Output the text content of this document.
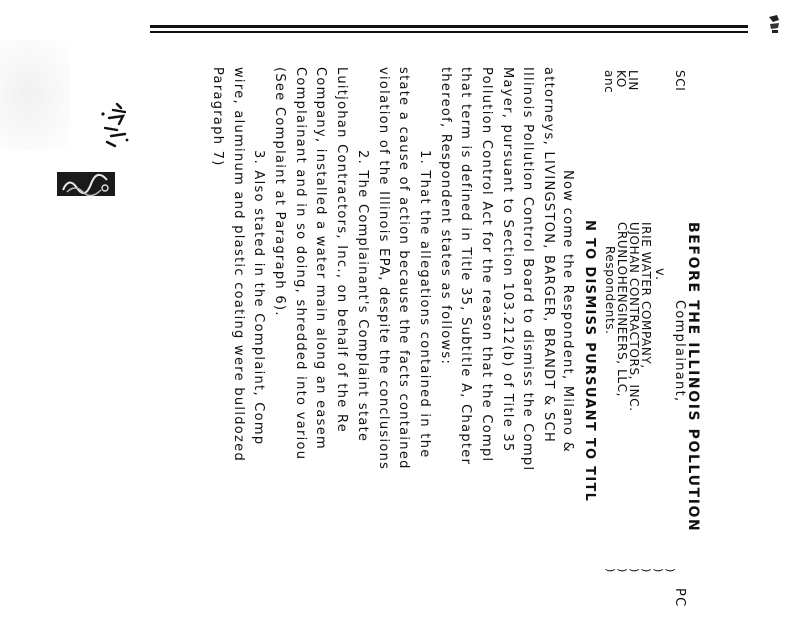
BEFORE THE ILLINOIS POLLUTION
SCI
LIN
KO
anc
Complainant,
v.
IRIE WATER COMPANY,
UJOHAN CONTRACTORS, INC.
CRUNLOHENGINEERS, LLC,
Respondents.
PC
)
)
)
)
)
)
N TO DISMISS PURSUANT TO TITL
Now come the Respondent, Milano &
attorneys, LIVINGSTON, BARGER, BRANDT & SCH
Illinois Pollution Control Board to dismiss the Compl
Mayer, pursuant to Section 103.212(b) of Title 35
Pollution Control Act for the reason that the Compl
that term is defined in Title 35, Subtitle A, Chapter
thereof, Respondent states as follows:
1. That the allegations contained in the
state a cause of action because the facts contained
violation of the Illinois EPA, despite the conclusions
2. The Complainant's Complaint state
Luitjohan Contractors, Inc., on behalf of the Re
Company, installed a water main along an easem
Complainant and in so doing, shredded into variou
(See Complaint at Paragraph 6).
3. Also stated in the Complaint, Comp
wire, aluminum and plastic coating were bulldozed
Paragraph 7)
